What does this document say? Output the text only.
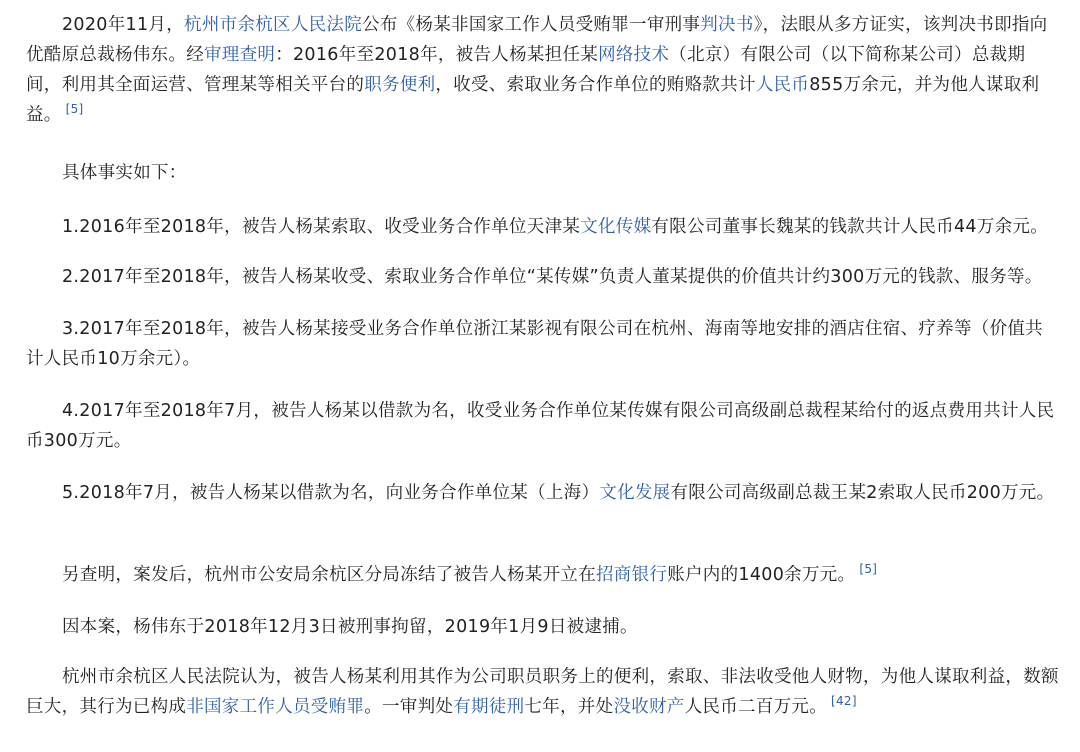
2020年11月，杭州市余杭区人民法院公布《杨某非国家工作人员受贿罪一审刑事判决书》，法眼从多方证实，该判决书即指向优酷原总裁杨伟东。经审理查明：2016年至2018年，被告人杨某担任某网络技术（北京）有限公司（以下简称某公司）总裁期间，利用其全面运营、管理某等相关平台的职务便利，收受、索取业务合作单位的贿赂款共计人民币855万余元，并为他人谋取利益。 [5]

具体事实如下：

1.2016年至2018年，被告人杨某索取、收受业务合作单位天津某文化传媒有限公司董事长魏某的钱款共计人民币44万余元。

2.2017年至2018年，被告人杨某收受、索取业务合作单位“某传媒”负责人董某提供的价值共计约300万元的钱款、服务等。

3.2017年至2018年，被告人杨某接受业务合作单位浙江某影视有限公司在杭州、海南等地安排的酒店住宿、疗养等（价值共计人民币10万余元）。

4.2017年至2018年7月，被告人杨某以借款为名，收受业务合作单位某传媒有限公司高级副总裁程某给付的返点费用共计人民币300万元。

5.2018年7月，被告人杨某以借款为名，向业务合作单位某（上海）文化发展有限公司高级副总裁王某2索取人民币200万元。

另查明，案发后，杭州市公安局余杭区分局冻结了被告人杨某开立在招商银行账户内的1400余万元。 [5]

因本案，杨伟东于2018年12月3日被刑事拘留，2019年1月9日被逮捕。

杭州市余杭区人民法院认为，被告人杨某利用其作为公司职员职务上的便利，索取、非法收受他人财物，为他人谋取利益，数额巨大，其行为已构成非国家工作人员受贿罪。一审判处有期徒刑七年，并处没收财产人民币二百万元。 [42]
